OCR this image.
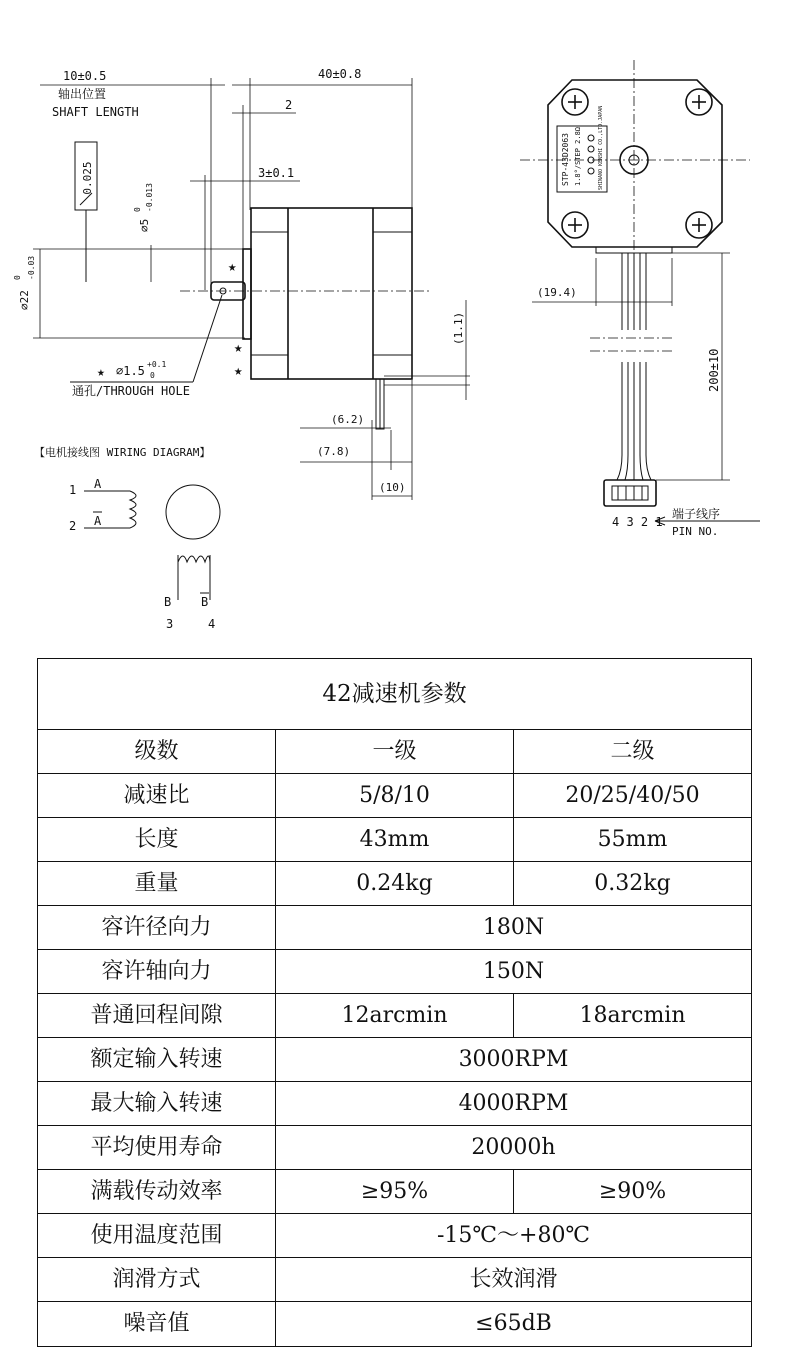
10±0.5
轴出位置
SHAFT LENGTH
40±0.8
2
3±0.1
0.025
⌀5
0 -0.013
⌀22
0 -0.03	★
★
★
★ ⌀1.5 +0.1
0
通孔/THROUGH HOLE
(1.1)
(6.2)
(7.8)
(10)
STP-43D2063 1.8°/STEP 2.8Ω	SHINANO KENSHI CO.,LTD.JAPAN
4 3 2 1
端子线序
PIN NO.
(19.4)
200±10
【电机接线图 WIRING DIAGRAM】
1
2
A
A
B B
3	4
42减速机参数		
级数	一级	二级
减速比	5/8/10	20/25/40/50
长度	43mm	55mm
重量	0.24kg	0.32kg
容许径向力	180N	
容许轴向力	150N	
普通回程间隙	12arcmin	18arcmin
额定输入转速	3000RPM	
最大输入转速	4000RPM	
平均使用寿命	20000h	
满载传动效率	≥95%	≥90%
使用温度范围	-15℃～+80℃	
润滑方式	长效润滑	
噪音值	≤65dB	
